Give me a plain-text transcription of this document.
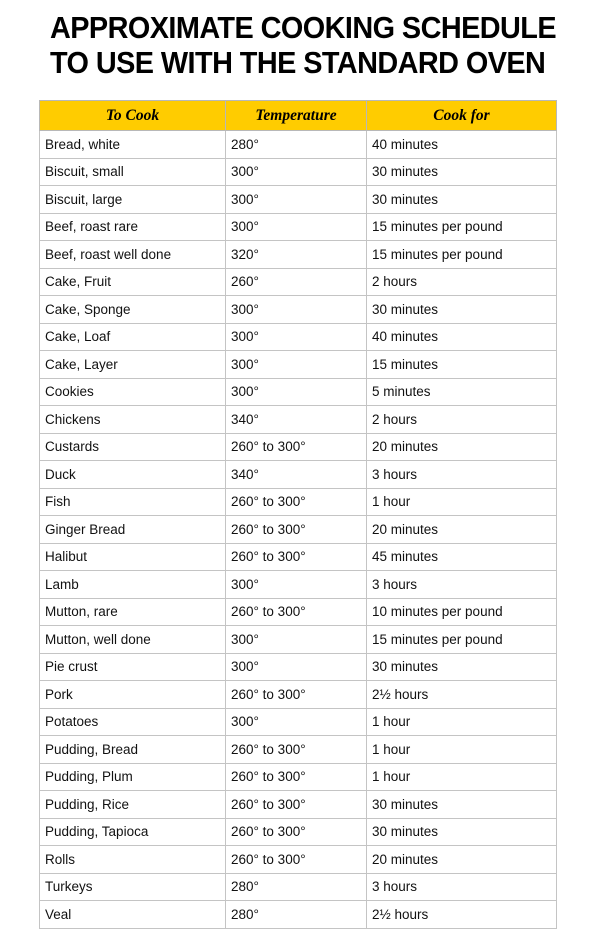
APPROXIMATE COOKING SCHEDULE
TO USE WITH THE STANDARD OVEN
To Cook	Temperature	Cook for
Bread, white	280°	40 minutes
Biscuit, small	300°	30 minutes
Biscuit, large	300°	30 minutes
Beef, roast rare	300°	15 minutes per pound
Beef, roast well done	320°	15 minutes per pound
Cake, Fruit	260°	2 hours
Cake, Sponge	300°	30 minutes
Cake, Loaf	300°	40 minutes
Cake, Layer	300°	15 minutes
Cookies	300°	5 minutes
Chickens	340°	2 hours
Custards	260° to 300°	20 minutes
Duck	340°	3 hours
Fish	260° to 300°	1 hour
Ginger Bread	260° to 300°	20 minutes
Halibut	260° to 300°	45 minutes
Lamb	300°	3 hours
Mutton, rare	260° to 300°	10 minutes per pound
Mutton, well done	300°	15 minutes per pound
Pie crust	300°	30 minutes
Pork	260° to 300°	2½ hours
Potatoes	300°	1 hour
Pudding, Bread	260° to 300°	1 hour
Pudding, Plum	260° to 300°	1 hour
Pudding, Rice	260° to 300°	30 minutes
Pudding, Tapioca	260° to 300°	30 minutes
Rolls	260° to 300°	20 minutes
Turkeys	280°	3 hours
Veal	280°	2½ hours
